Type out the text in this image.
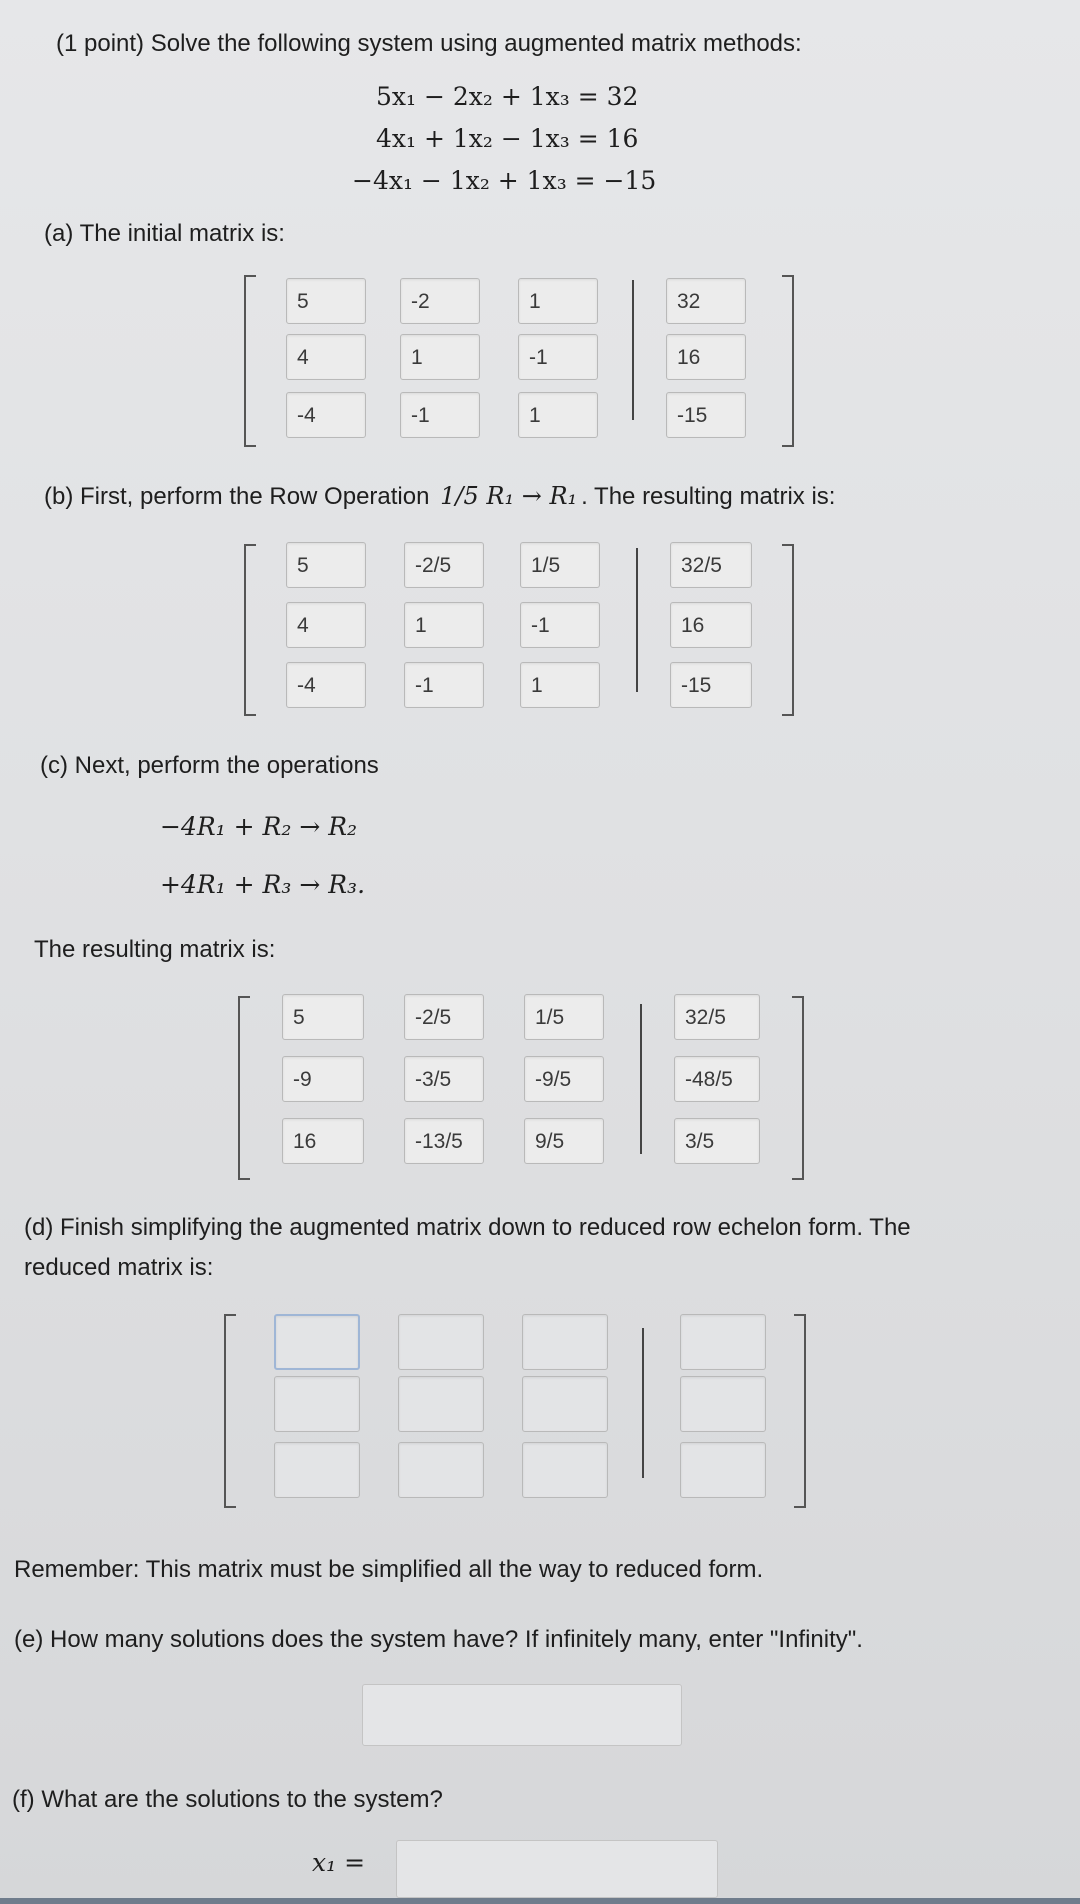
(1 point) Solve the following system using augmented matrix methods:
5x₁ − 2x₂ + 1x₃ = 32
4x₁ + 1x₂ − 1x₃ = 16
−4x₁ − 1x₂ + 1x₃ = −15
(a) The initial matrix is:
5	-2	1	32
4	1	-1	16
-4	-1	1	-15
(b) First, perform the Row Operation 1/5 R₁ → R₁ . The resulting matrix is:
5	-2/5	1/5	32/5
4	1	-1	16
-4	-1	1	-15
(c) Next, perform the operations
−4R₁ + R₂ → R₂
+4R₁ + R₃ → R₃.
The resulting matrix is:
5	-2/5	1/5	32/5
-9	-3/5	-9/5	-48/5
16	-13/5	9/5	3/5
(d) Finish simplifying the augmented matrix down to reduced row echelon form. The
reduced matrix is:
Remember: This matrix must be simplified all the way to reduced form.
(e) How many solutions does the system have? If infinitely many, enter "Infinity".
(f) What are the solutions to the system?
x₁ =
